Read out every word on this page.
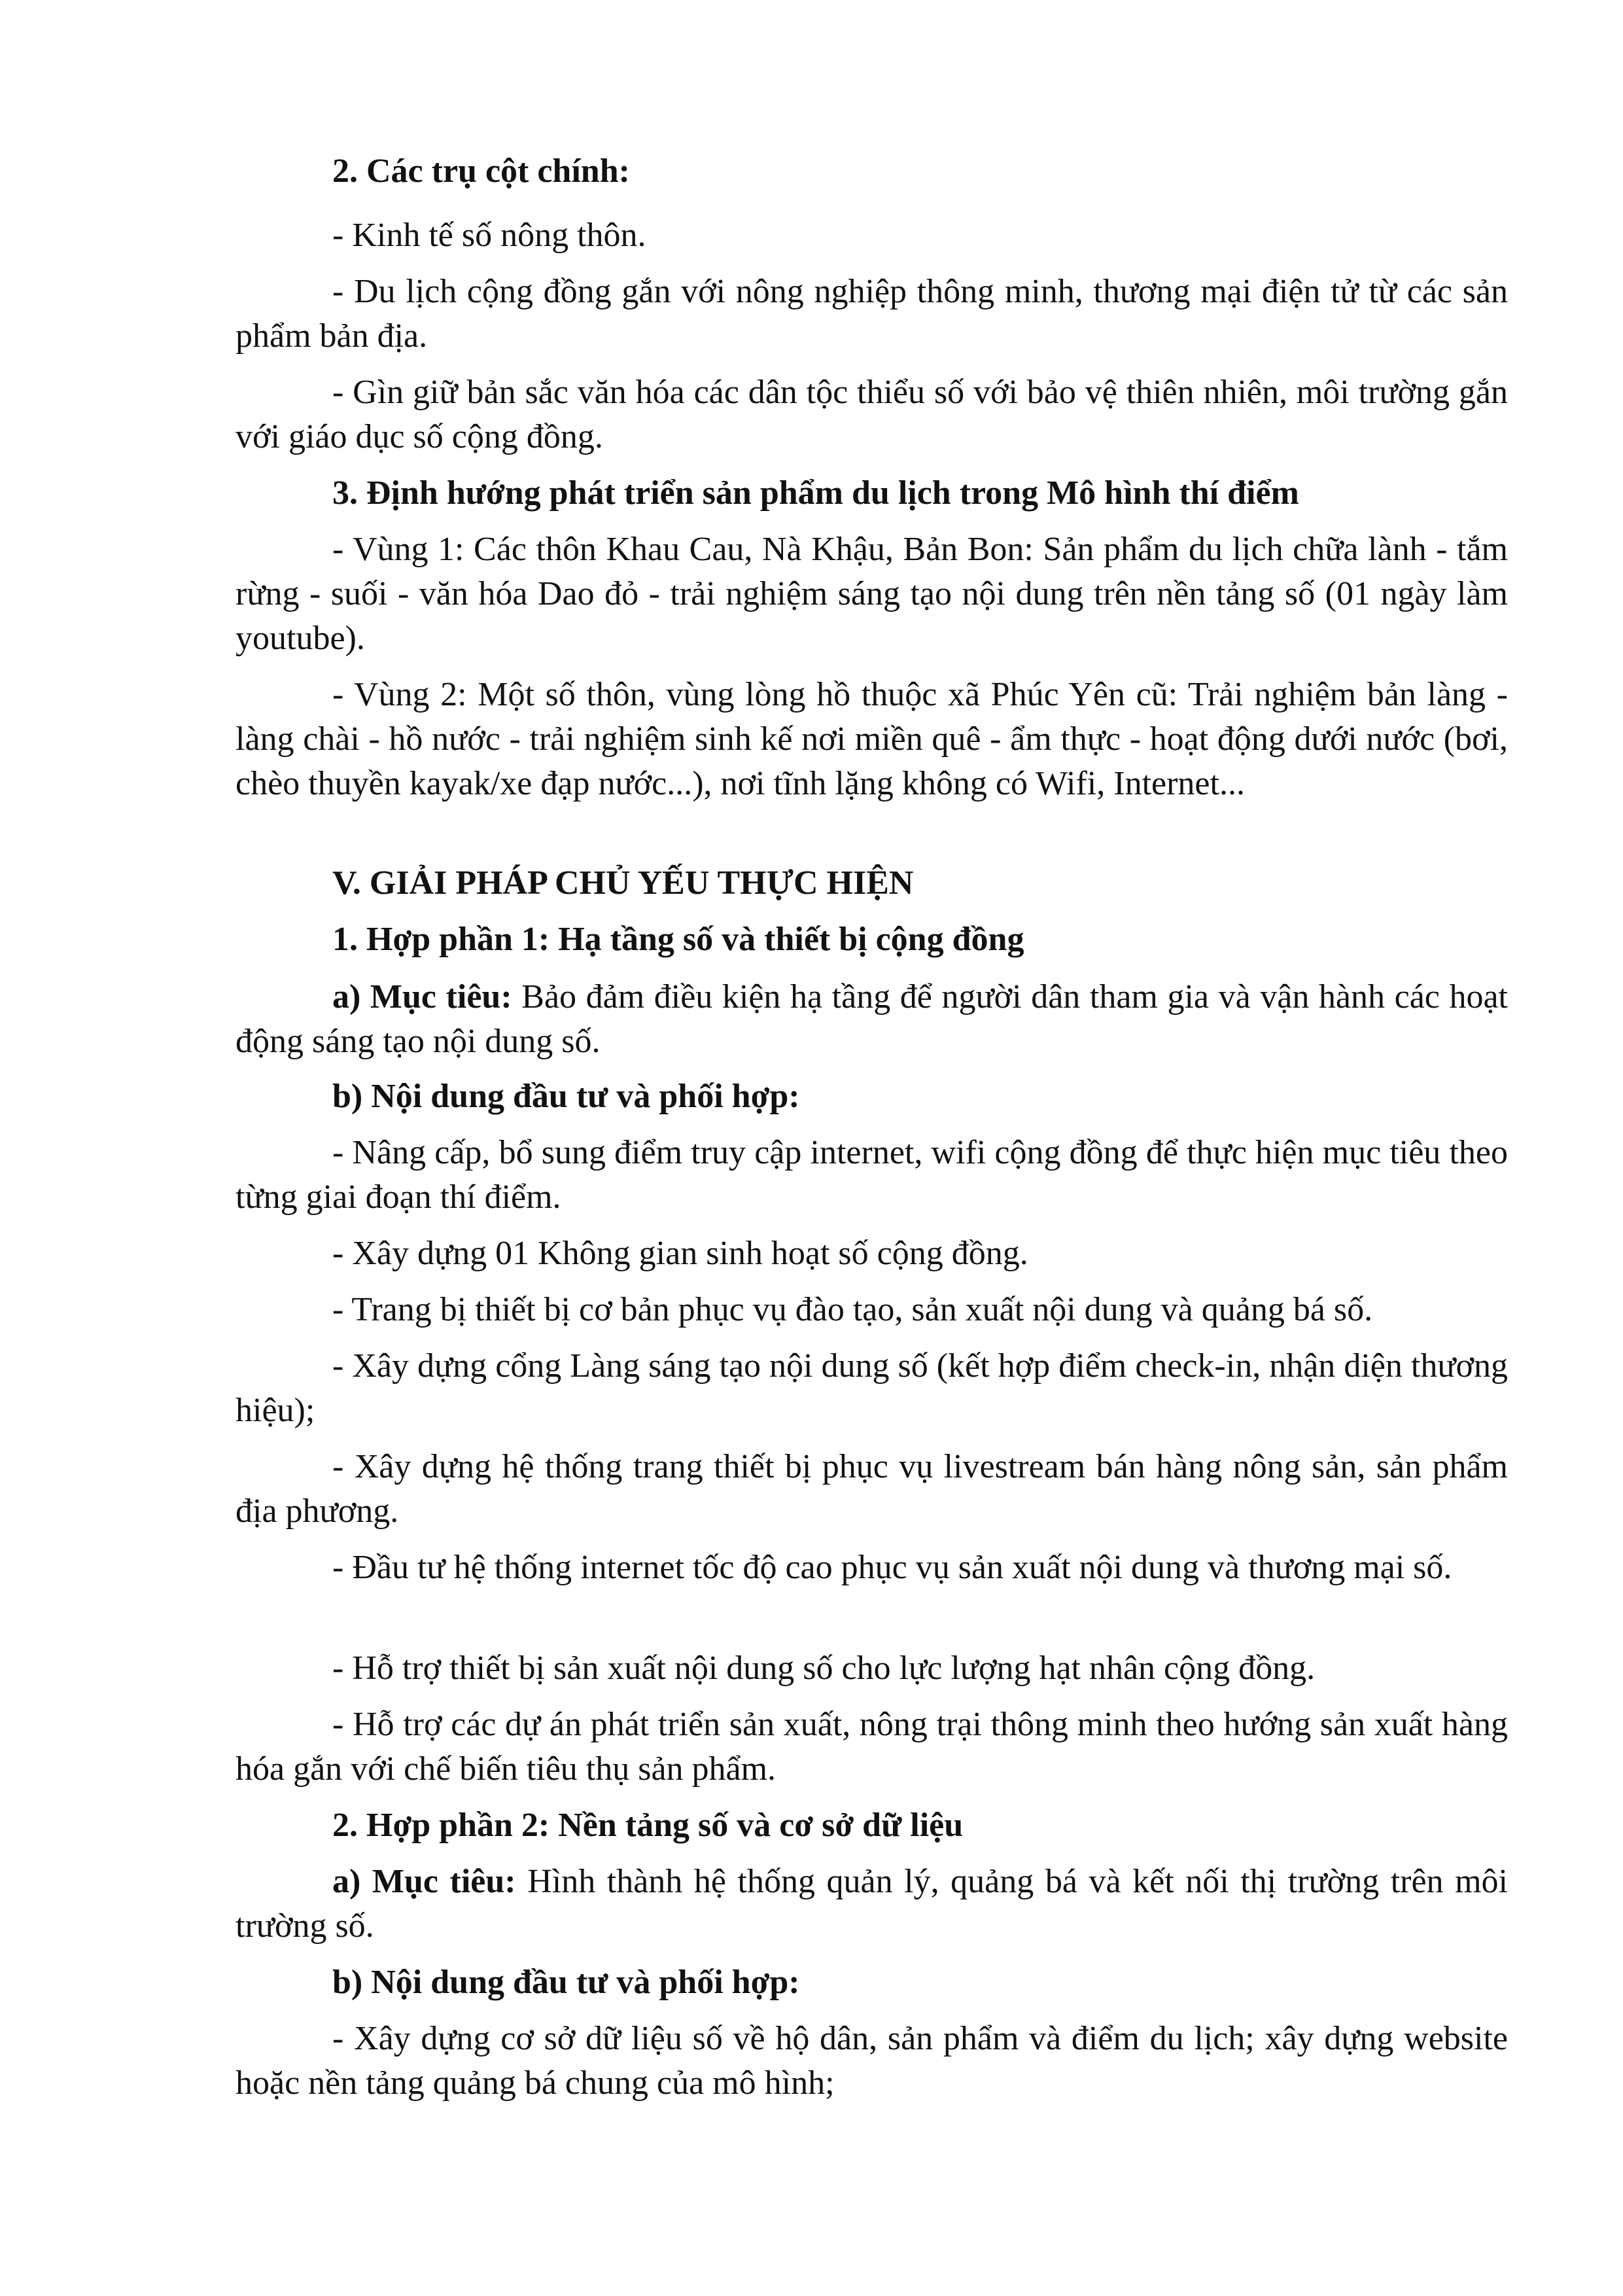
2. Các trụ cột chính:

- Kinh tế số nông thôn.

- Du lịch cộng đồng gắn với nông nghiệp thông minh, thương mại điện tử từ các sản phẩm bản địa.

- Gìn giữ bản sắc văn hóa các dân tộc thiểu số với bảo vệ thiên nhiên, môi trường gắn với giáo dục số cộng đồng.

3. Định hướng phát triển sản phẩm du lịch trong Mô hình thí điểm

- Vùng 1: Các thôn Khau Cau, Nà Khậu, Bản Bon: Sản phẩm du lịch chữa lành - tắm rừng - suối - văn hóa Dao đỏ - trải nghiệm sáng tạo nội dung trên nền tảng số (01 ngày làm youtube).

- Vùng 2: Một số thôn, vùng lòng hồ thuộc xã Phúc Yên cũ: Trải nghiệm bản làng - làng chài - hồ nước - trải nghiệm sinh kế nơi miền quê - ẩm thực - hoạt động dưới nước (bơi, chèo thuyền kayak/xe đạp nước...), nơi tĩnh lặng không có Wifi, Internet...

V. GIẢI PHÁP CHỦ YẾU THỰC HIỆN

1. Hợp phần 1: Hạ tầng số và thiết bị cộng đồng

a) Mục tiêu: Bảo đảm điều kiện hạ tầng để người dân tham gia và vận hành các hoạt động sáng tạo nội dung số.

b) Nội dung đầu tư và phối hợp:

- Nâng cấp, bổ sung điểm truy cập internet, wifi cộng đồng để thực hiện mục tiêu theo từng giai đoạn thí điểm.

- Xây dựng 01 Không gian sinh hoạt số cộng đồng.

- Trang bị thiết bị cơ bản phục vụ đào tạo, sản xuất nội dung và quảng bá số.

- Xây dựng cổng Làng sáng tạo nội dung số (kết hợp điểm check-in, nhận diện thương hiệu);

- Xây dựng hệ thống trang thiết bị phục vụ livestream bán hàng nông sản, sản phẩm địa phương.

- Đầu tư hệ thống internet tốc độ cao phục vụ sản xuất nội dung và thương mại số.

- Hỗ trợ thiết bị sản xuất nội dung số cho lực lượng hạt nhân cộng đồng.

- Hỗ trợ các dự án phát triển sản xuất, nông trại thông minh theo hướng sản xuất hàng hóa gắn với chế biến tiêu thụ sản phẩm.

2. Hợp phần 2: Nền tảng số và cơ sở dữ liệu

a) Mục tiêu: Hình thành hệ thống quản lý, quảng bá và kết nối thị trường trên môi trường số.

b) Nội dung đầu tư và phối hợp:

- Xây dựng cơ sở dữ liệu số về hộ dân, sản phẩm và điểm du lịch; xây dựng website hoặc nền tảng quảng bá chung của mô hình;
